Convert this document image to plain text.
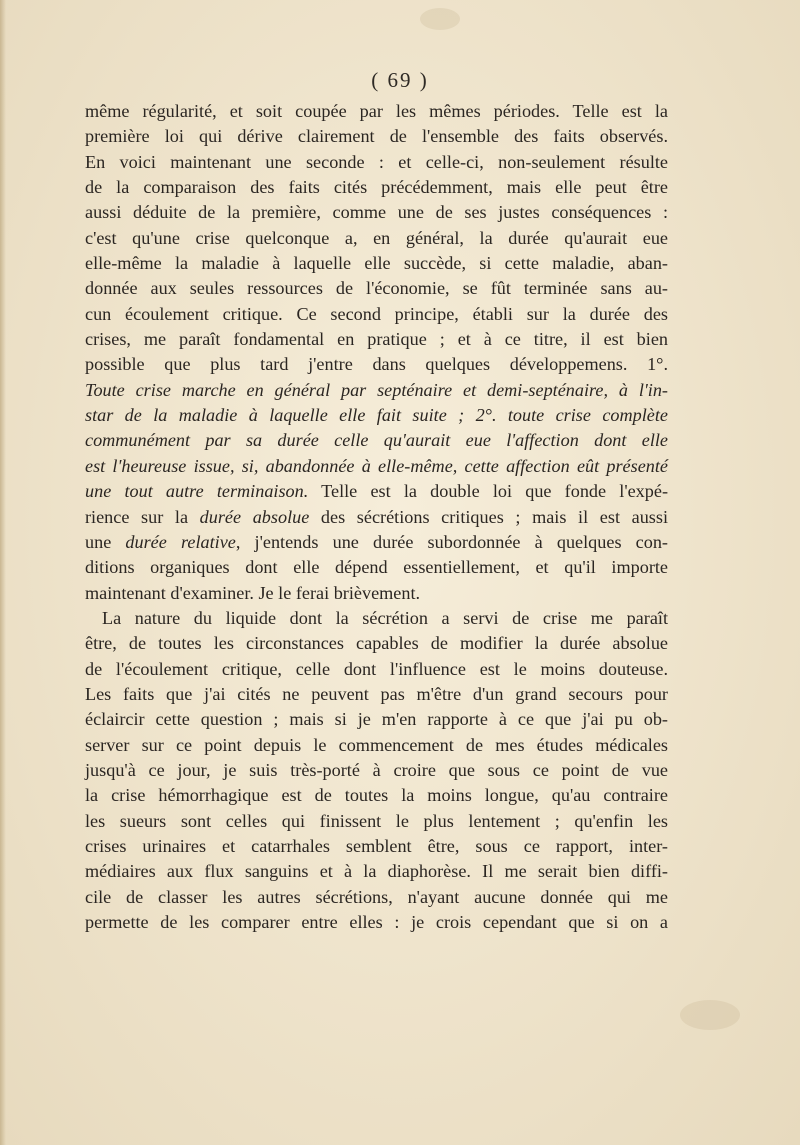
( 69 )
même régularité, et soit coupée par les mêmes périodes. Telle est la
première loi qui dérive clairement de l'ensemble des faits observés.
En voici maintenant une seconde : et celle-ci, non-seulement résulte
de la comparaison des faits cités précédemment, mais elle peut être
aussi déduite de la première, comme une de ses justes conséquences :
c'est qu'une crise quelconque a, en général, la durée qu'aurait eue
elle-même la maladie à laquelle elle succède, si cette maladie, aban-
donnée aux seules ressources de l'économie, se fût terminée sans au-
cun écoulement critique. Ce second principe, établi sur la durée des
crises, me paraît fondamental en pratique ; et à ce titre, il est bien
possible que plus tard j'entre dans quelques développemens. 1°.
Toute crise marche en général par septénaire et demi-septénaire, à l'in-
star de la maladie à laquelle elle fait suite ; 2°. toute crise complète
communément par sa durée celle qu'aurait eue l'affection dont elle
est l'heureuse issue, si, abandonnée à elle-même, cette affection eût présenté
une tout autre terminaison. Telle est la double loi que fonde l'expé-
rience sur la durée absolue des sécrétions critiques ; mais il est aussi
une durée relative, j'entends une durée subordonnée à quelques con-
ditions organiques dont elle dépend essentiellement, et qu'il importe
maintenant d'examiner. Je le ferai brièvement.
La nature du liquide dont la sécrétion a servi de crise me paraît
être, de toutes les circonstances capables de modifier la durée absolue
de l'écoulement critique, celle dont l'influence est le moins douteuse.
Les faits que j'ai cités ne peuvent pas m'être d'un grand secours pour
éclaircir cette question ; mais si je m'en rapporte à ce que j'ai pu ob-
server sur ce point depuis le commencement de mes études médicales
jusqu'à ce jour, je suis très-porté à croire que sous ce point de vue
la crise hémorrhagique est de toutes la moins longue, qu'au contraire
les sueurs sont celles qui finissent le plus lentement ; qu'enfin les
crises urinaires et catarrhales semblent être, sous ce rapport, inter-
médiaires aux flux sanguins et à la diaphorèse. Il me serait bien diffi-
cile de classer les autres sécrétions, n'ayant aucune donnée qui me
permette de les comparer entre elles : je crois cependant que si on a
